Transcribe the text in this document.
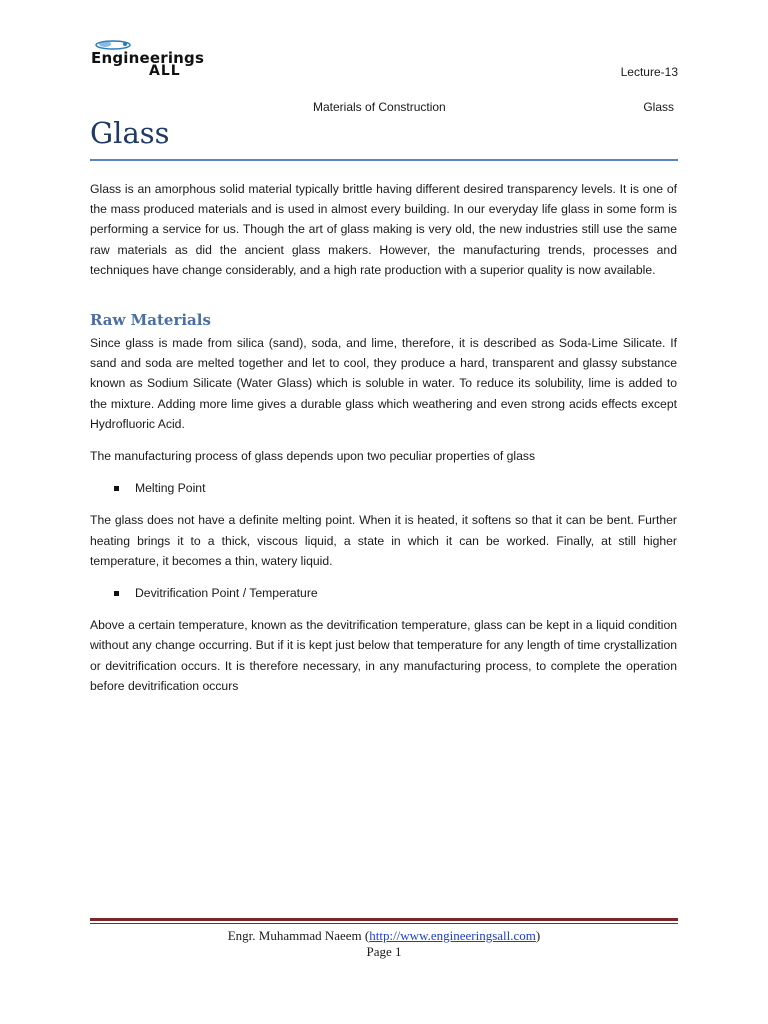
Engineerings
ALL	Lecture-13
Materials of Construction	Glass
Glass

Glass is an amorphous solid material typically brittle having different desired transparency levels. It is one of the mass produced materials and is used in almost every building. In our everyday life glass in some form is performing a service for us. Though the art of glass making is very old, the new industries still use the same raw materials as did the ancient glass makers. However, the manufacturing trends, processes and techniques have change considerably, and a high rate production with a superior quality is now available.

Raw Materials

Since glass is made from silica (sand), soda, and lime, therefore, it is described as Soda-Lime Silicate. If sand and soda are melted together and let to cool, they produce a hard, transparent and glassy substance known as Sodium Silicate (Water Glass) which is soluble in water. To reduce its solubility, lime is added to the mixture. Adding more lime gives a durable glass which weathering and even strong acids effects except Hydrofluoric Acid.

The manufacturing process of glass depends upon two peculiar properties of glass

Melting Point

The glass does not have a definite melting point. When it is heated, it softens so that it can be bent. Further heating brings it to a thick, viscous liquid, a state in which it can be worked. Finally, at still higher temperature, it becomes a thin, watery liquid.

Devitrification Point / Temperature

Above a certain temperature, known as the devitrification temperature, glass can be kept in a liquid condition without any change occurring. But if it is kept just below that temperature for any length of time crystallization or devitrification occurs. It is therefore necessary, in any manufacturing process, to complete the operation before devitrification occurs

Engr. Muhammad Naeem (http://www.engineeringsall.com)
Page 1
